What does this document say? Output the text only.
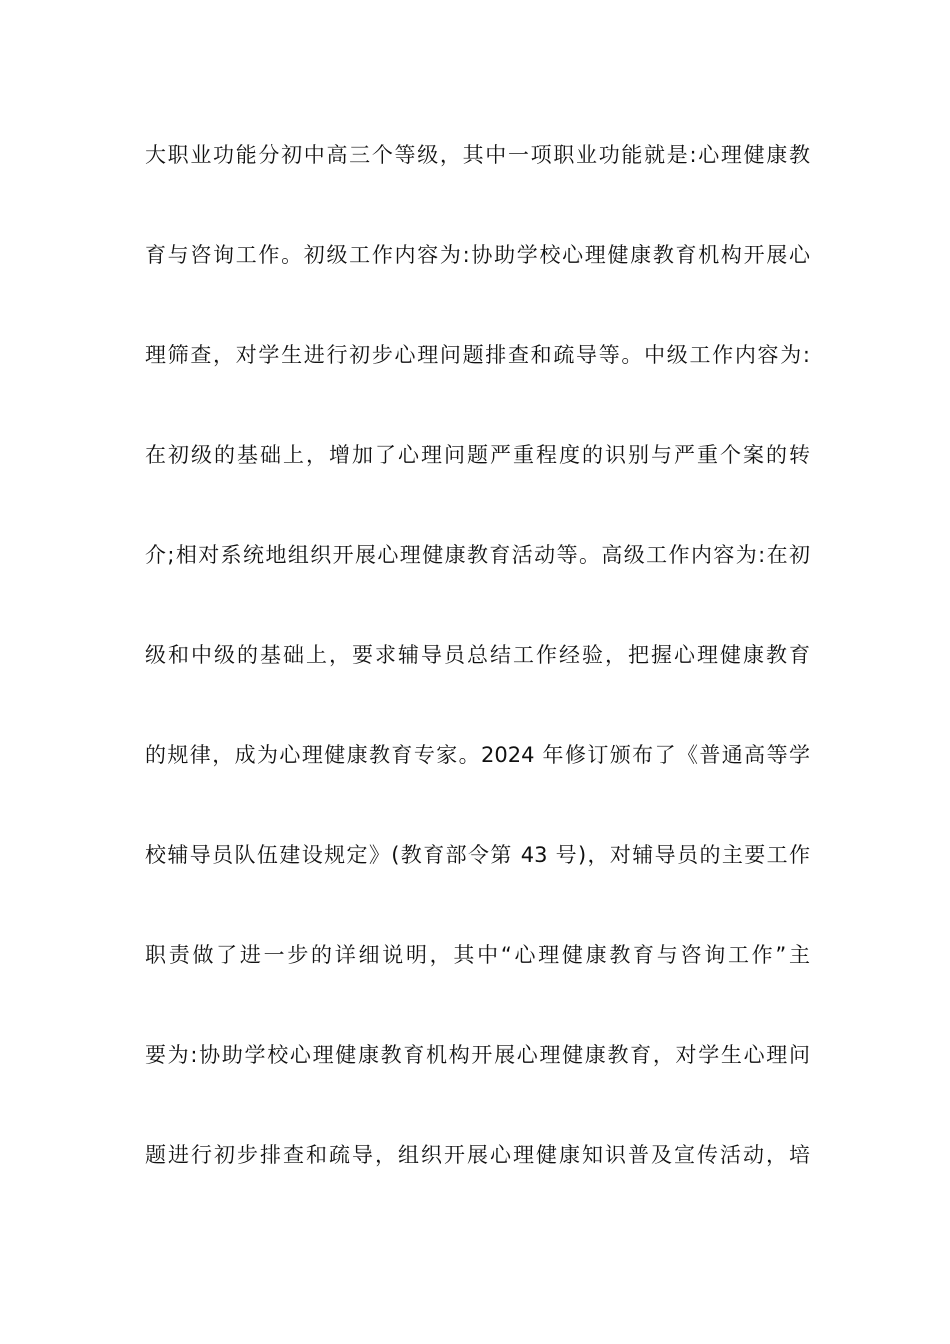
大职业功能分初中高三个等级，其中一项职业功能就是:心理健康教
育与咨询工作。初级工作内容为:协助学校心理健康教育机构开展心
理筛查，对学生进行初步心理问题排查和疏导等。中级工作内容为:
在初级的基础上，增加了心理问题严重程度的识别与严重个案的转
介;相对系统地组织开展心理健康教育活动等。高级工作内容为:在初
级和中级的基础上，要求辅导员总结工作经验，把握心理健康教育
的规律，成为心理健康教育专家。2024 年修订颁布了《普通高等学
校辅导员队伍建设规定》(教育部令第 43 号)，对辅导员的主要工作
职责做了进一步的详细说明，其中“心理健康教育与咨询工作”主
要为:协助学校心理健康教育机构开展心理健康教育，对学生心理问
题进行初步排查和疏导，组织开展心理健康知识普及宣传活动，培
